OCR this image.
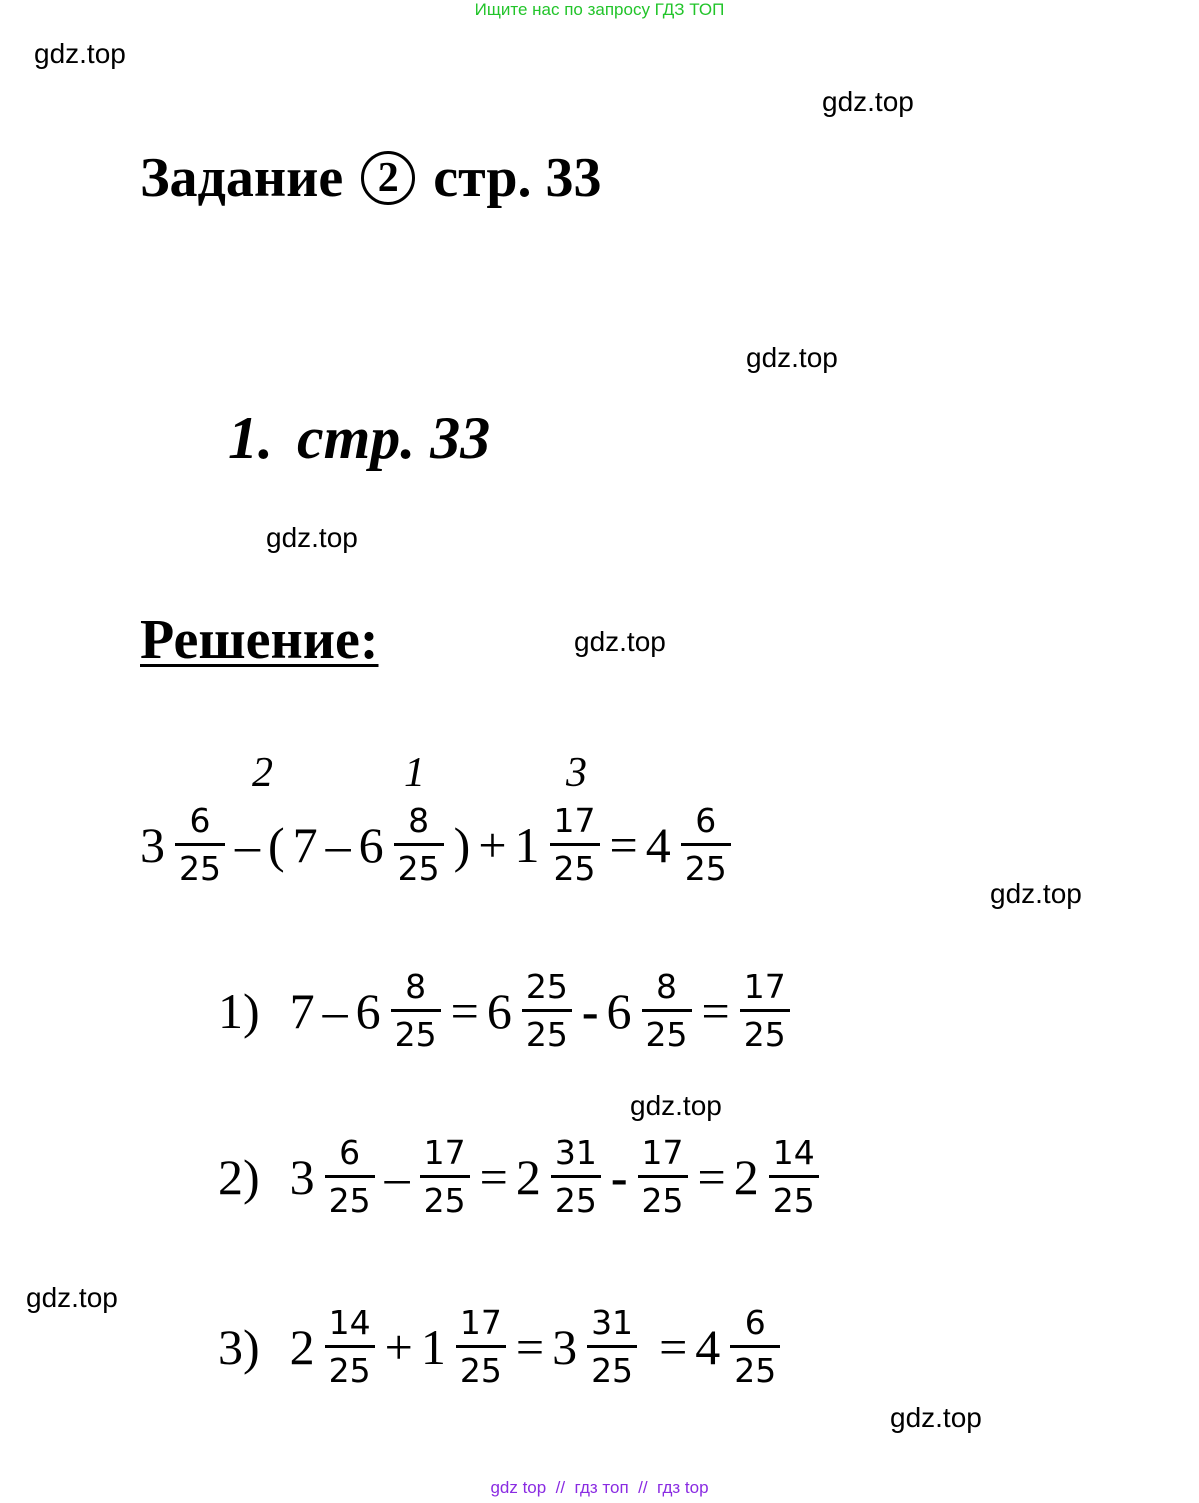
Ищите нас по запросу ГДЗ ТОП
gdz.top
gdz.top
gdz.top
gdz.top
gdz.top
gdz.top
gdz.top
gdz.top
gdz.top
Задание 2 стр. 33
1. стр. 33
Решение:
2	1	3
$3 \frac{6}{25}$ – ( $7 - 6 \frac{8}{25}$ ) + $1 \frac{17}{25} = 4 \frac{6}{25}$
1) $7 - 6 \frac{8}{25} = 6 \frac{25}{25} - 6 \frac{8}{25} = \frac{17}{25}$
2) $3 \frac{6}{25} - \frac{17}{25} = 2 \frac{31}{25} - \frac{17}{25} = 2 \frac{14}{25}$
3) $2 \frac{14}{25} + 1 \frac{17}{25} = 3 \frac{31}{25} = 4 \frac{6}{25}$
gdz top  //  гдз топ  //  гдз top
